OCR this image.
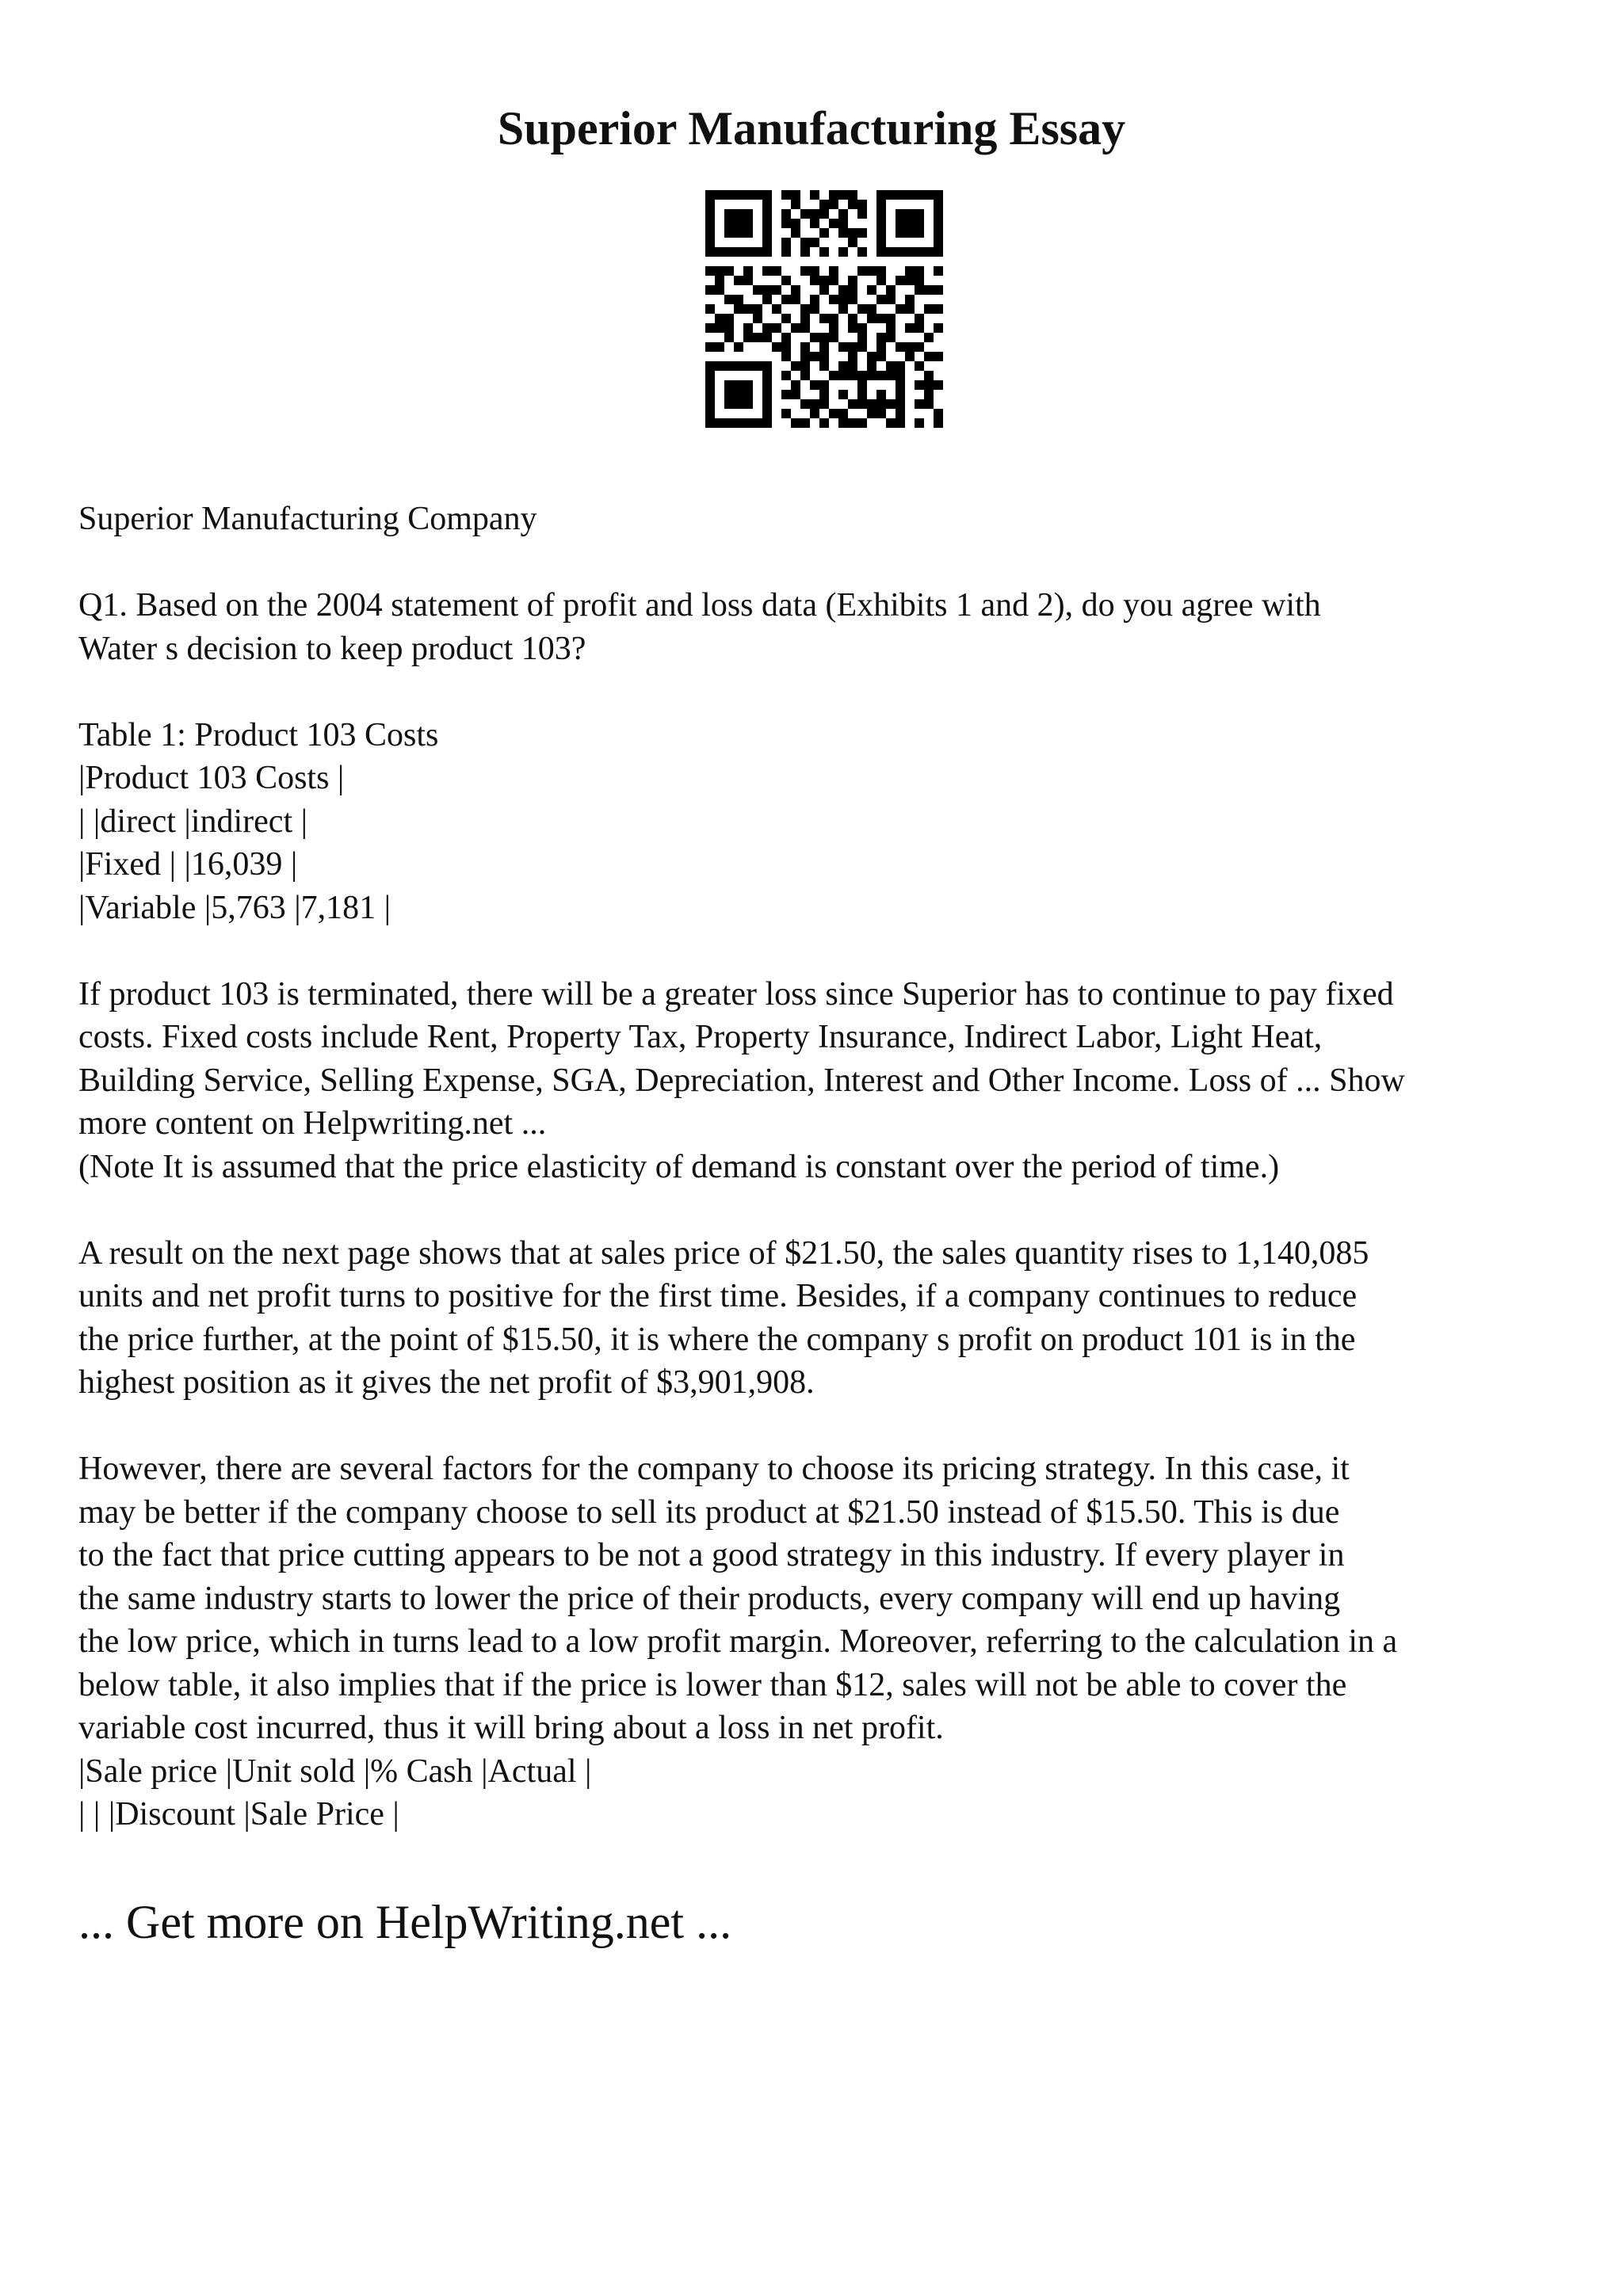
Superior Manufacturing Essay
Superior Manufacturing Company
Q1. Based on the 2004 statement of profit and loss data (Exhibits 1 and 2), do you agree with
Water s decision to keep product 103?
Table 1: Product 103 Costs
|Product 103 Costs |
| |direct |indirect |
|Fixed | |16,039 |
|Variable |5,763 |7,181 |
If product 103 is terminated, there will be a greater loss since Superior has to continue to pay fixed
costs. Fixed costs include Rent, Property Tax, Property Insurance, Indirect Labor, Light Heat,
Building Service, Selling Expense, SGA, Depreciation, Interest and Other Income. Loss of ... Show
more content on Helpwriting.net ...
(Note It is assumed that the price elasticity of demand is constant over the period of time.)
A result on the next page shows that at sales price of $21.50, the sales quantity rises to 1,140,085
units and net profit turns to positive for the first time. Besides, if a company continues to reduce
the price further, at the point of $15.50, it is where the company s profit on product 101 is in the
highest position as it gives the net profit of $3,901,908.
However, there are several factors for the company to choose its pricing strategy. In this case, it
may be better if the company choose to sell its product at $21.50 instead of $15.50. This is due
to the fact that price cutting appears to be not a good strategy in this industry. If every player in
the same industry starts to lower the price of their products, every company will end up having
the low price, which in turns lead to a low profit margin. Moreover, referring to the calculation in a
below table, it also implies that if the price is lower than $12, sales will not be able to cover the
variable cost incurred, thus it will bring about a loss in net profit.
|Sale price |Unit sold |% Cash |Actual |
| | |Discount |Sale Price |
... Get more on HelpWriting.net ...
